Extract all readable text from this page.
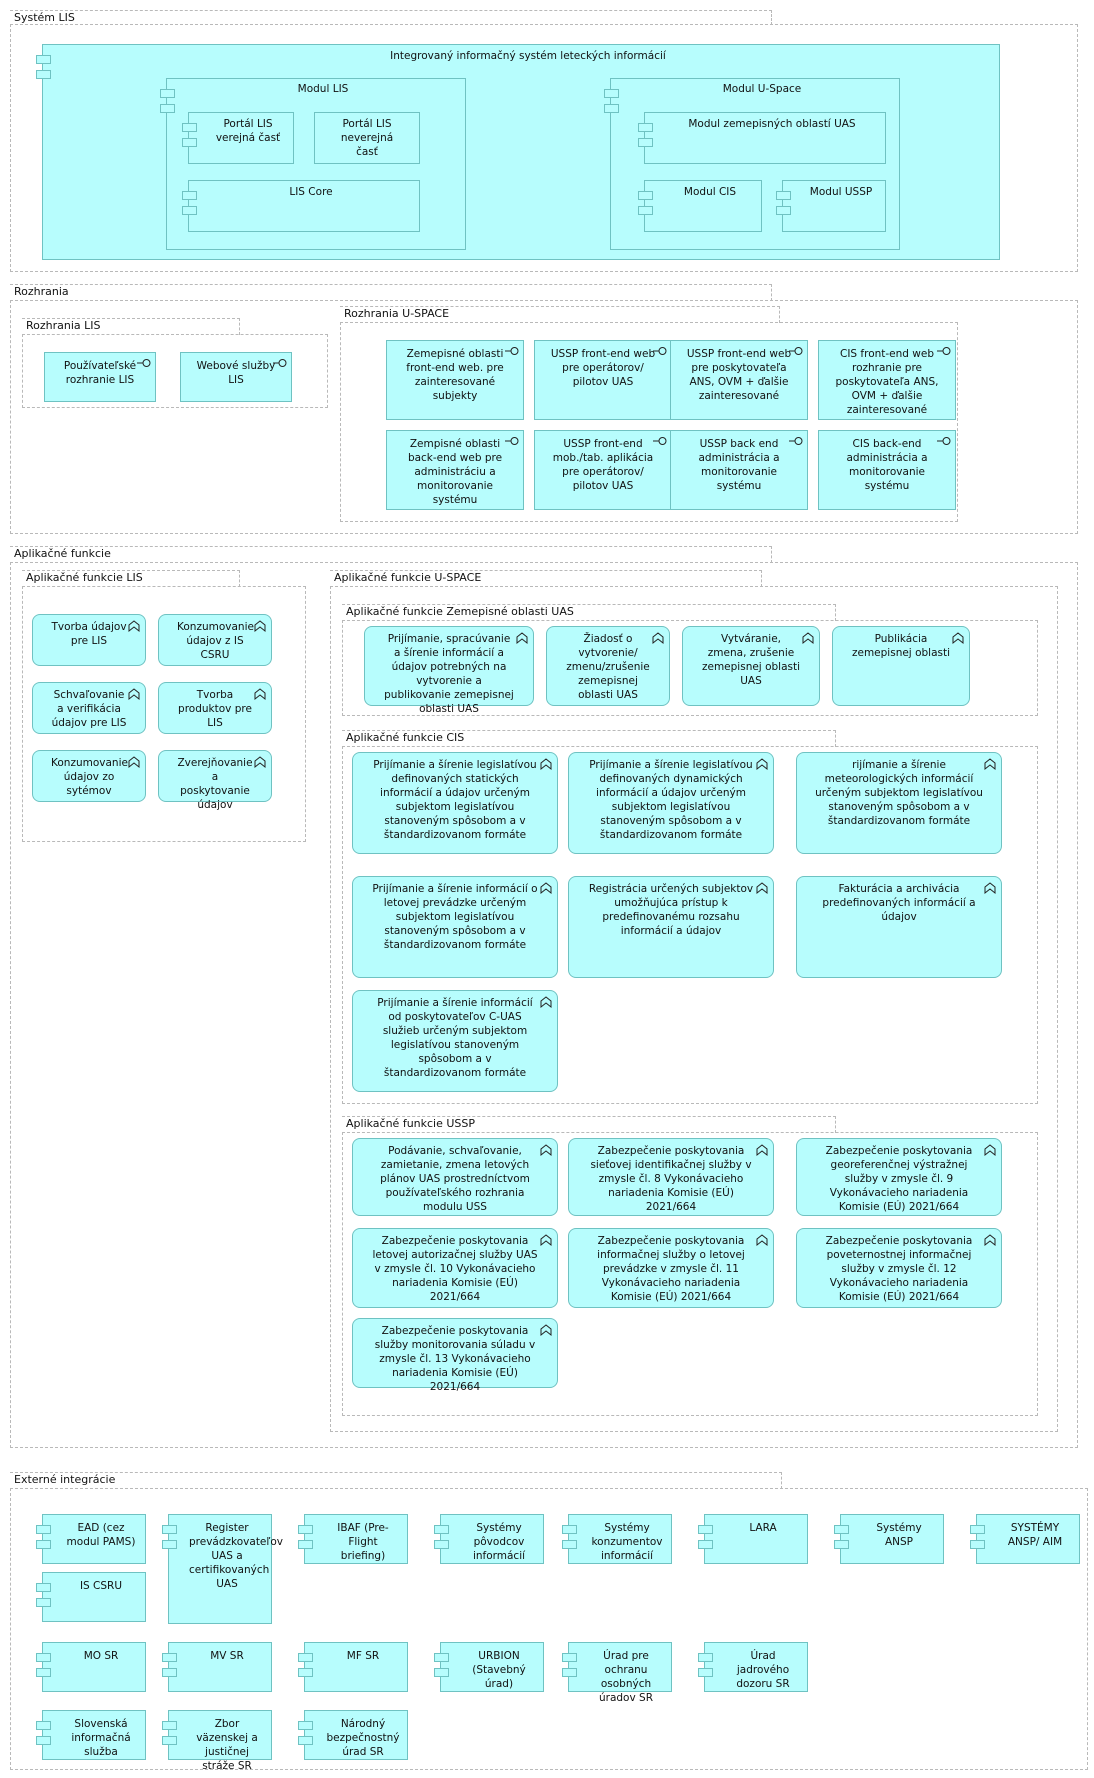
Systém LIS
Integrovaný informačný systém leteckých informácií
Modul LIS
Portál LIS verejná časť
Portál LIS neverejná časť
LIS Core
Modul U-Space
Modul zemepisných oblastí UAS
Modul CIS	Modul USSP
Rozhrania
Rozhrania LIS
Používateľské rozhranie LIS
Webové služby LIS
Rozhrania U-SPACE
Zemepisné oblasti front-end web. pre zainteresované subjekty
USSP front-end web pre operátorov/ pilotov UAS
USSP front-end web pre poskytovateľa ANS, OVM + ďalšie zainteresované
CIS front-end web rozhranie pre poskytovateľa ANS, OVM + ďalšie zainteresované
Zempisné oblasti back-end web pre administráciu a monitorovanie systému
USSP front-end mob./tab. aplikácia pre operátorov/ pilotov UAS
USSP back end administrácia a monitorovanie systému
CIS back-end administrácia a monitorovanie systému
Aplikačné funkcie
Aplikačné funkcie LIS
Tvorba údajov pre LIS
Konzumovanie údajov z IS CSRU
Schvaľovanie a verifikácia údajov pre LIS
Tvorba produktov pre LIS
Konzumovanie údajov zo sytémov
Zverejňovanie a poskytovanie údajov
Aplikačné funkcie U-SPACE
Aplikačné funkcie Zemepisné oblasti UAS
Prijímanie, spracúvanie a šírenie informácií a údajov potrebných na vytvorenie a publikovanie zemepisnej oblasti UAS
Žiadosť o vytvorenie/ zmenu/zrušenie zemepisnej oblasti UAS
Vytváranie, zmena, zrušenie zemepisnej oblasti UAS
Publikácia zemepisnej oblasti
Aplikačné funkcie CIS
Prijímanie a šírenie legislatívou definovaných statických informácií a údajov určeným subjektom legislatívou stanoveným spôsobom a v štandardizovanom formáte
Prijímanie a šírenie legislatívou definovaných dynamických informácií a údajov určeným subjektom legislatívou stanoveným spôsobom a v štandardizovanom formáte
rijímanie a šírenie meteorologických informácií určeným subjektom legislatívou stanoveným spôsobom a v štandardizovanom formáte
Prijímanie a šírenie informácií o letovej prevádzke určeným subjektom legislatívou stanoveným spôsobom a v štandardizovanom formáte
Registrácia určených subjektov umožňujúca prístup k predefinovanému rozsahu informácií a údajov
Fakturácia a archivácia predefinovaných informácií a údajov
Prijímanie a šírenie informácií od poskytovateľov C-UAS služieb určeným subjektom legislatívou stanoveným spôsobom a v štandardizovanom formáte
Aplikačné funkcie USSP
Podávanie, schvaľovanie, zamietanie, zmena letových plánov UAS prostredníctvom používateľského rozhrania modulu USS
Zabezpečenie poskytovania sieťovej identifikačnej služby v zmysle čl. 8 Vykonávacieho nariadenia Komisie (EÚ) 2021/664
Zabezpečenie poskytovania georeferenčnej výstražnej služby v zmysle čl. 9 Vykonávacieho nariadenia Komisie (EÚ) 2021/664
Zabezpečenie poskytovania letovej autorizačnej služby UAS v zmysle čl. 10 Vykonávacieho nariadenia Komisie (EÚ) 2021/664
Zabezpečenie poskytovania informačnej služby o letovej prevádzke v zmysle čl. 11 Vykonávacieho nariadenia Komisie (EÚ) 2021/664
Zabezpečenie poskytovania poveternostnej informačnej služby v zmysle čl. 12 Vykonávacieho nariadenia Komisie (EÚ) 2021/664
Zabezpečenie poskytovania služby monitorovania súladu v zmysle čl. 13 Vykonávacieho nariadenia Komisie (EÚ) 2021/664
Externé integrácie
EAD (cez modul PAMS)
Register prevádzkovateľov UAS a certifikovaných UAS
IBAF (Pre-Flight briefing)
Systémy pôvodcov informácií
Systémy konzumentov informácií
LARA	Systémy ANSP
SYSTÉMY ANSP/ AIM
IS CSRU
MO SR	MV SR	MF SR	URBION (Stavebný úrad)
Úrad pre ochranu osobných úradov SR
Úrad jadrového dozoru SR
Slovenská informačná služba
Zbor väzenskej a justičnej stráže SR
Národný bezpečnostný úrad SR
